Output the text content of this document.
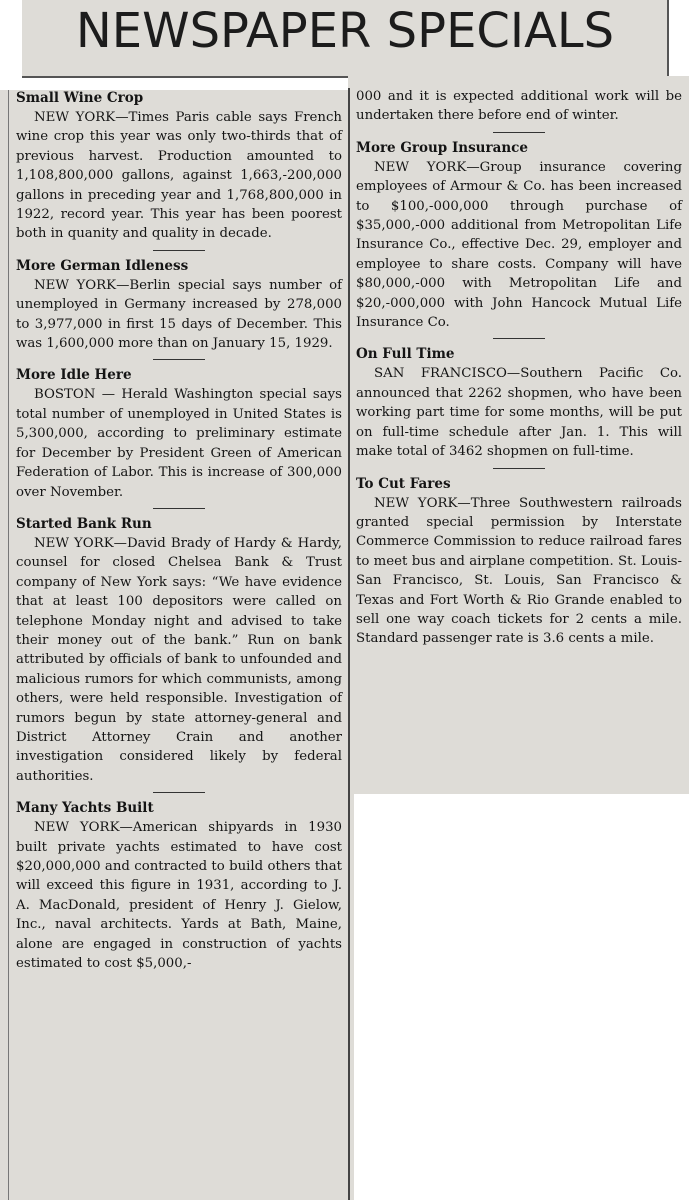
NEWSPAPER SPECIALS

Small Wine Crop

NEW YORK—Times Paris cable says French wine crop this year was only two-thirds that of previous harvest. Production amounted to 1,108,800,000 gallons, against 1,663,-200,000 gallons in preceding year and 1,768,800,000 in 1922, record year. This year has been poorest both in quanity and quality in decade.

More German Idleness

NEW YORK—Berlin special says number of unemployed in Germany increased by 278,000 to 3,977,000 in first 15 days of December. This was 1,600,000 more than on January 15, 1929.

More Idle Here

BOSTON — Herald Washington special says total number of unemployed in United States is 5,300,000, according to preliminary estimate for December by President Green of American Federation of Labor. This is increase of 300,000 over November.

Started Bank Run

NEW YORK—David Brady of Hardy & Hardy, counsel for closed Chelsea Bank & Trust company of New York says: “We have evidence that at least 100 depositors were called on telephone Monday night and advised to take their money out of the bank.” Run on bank attributed by officials of bank to unfounded and malicious rumors for which communists, among others, were held responsible. Investigation of rumors begun by state attorney-general and District Attorney Crain and another investigation considered likely by federal authorities.

Many Yachts Built

NEW YORK—American shipyards in 1930 built private yachts estimated to have cost $20,000,000 and contracted to build others that will exceed this figure in 1931, according to J. A. MacDonald, president of Henry J. Gielow, Inc., naval architects. Yards at Bath, Maine, alone are engaged in construction of yachts estimated to cost $5,000,-

000 and it is expected additional work will be undertaken there before end of winter.

More Group Insurance

NEW YORK—Group insurance covering employees of Armour & Co. has been increased to $100,-000,000 through purchase of $35,000,-000 additional from Metropolitan Life Insurance Co., effective Dec. 29, employer and employee to share costs. Company will have $80,000,-000 with Metropolitan Life and $20,-000,000 with John Hancock Mutual Life Insurance Co.

On Full Time

SAN FRANCISCO—Southern Pacific Co. announced that 2262 shopmen, who have been working part time for some months, will be put on full-time schedule after Jan. 1. This will make total of 3462 shopmen on full-time.

To Cut Fares

NEW YORK—Three Southwestern railroads granted special permission by Interstate Commerce Commission to reduce railroad fares to meet bus and airplane competition. St. Louis-San Francisco, St. Louis, San Francisco & Texas and Fort Worth & Rio Grande enabled to sell one way coach tickets for 2 cents a mile. Standard passenger rate is 3.6 cents a mile.
